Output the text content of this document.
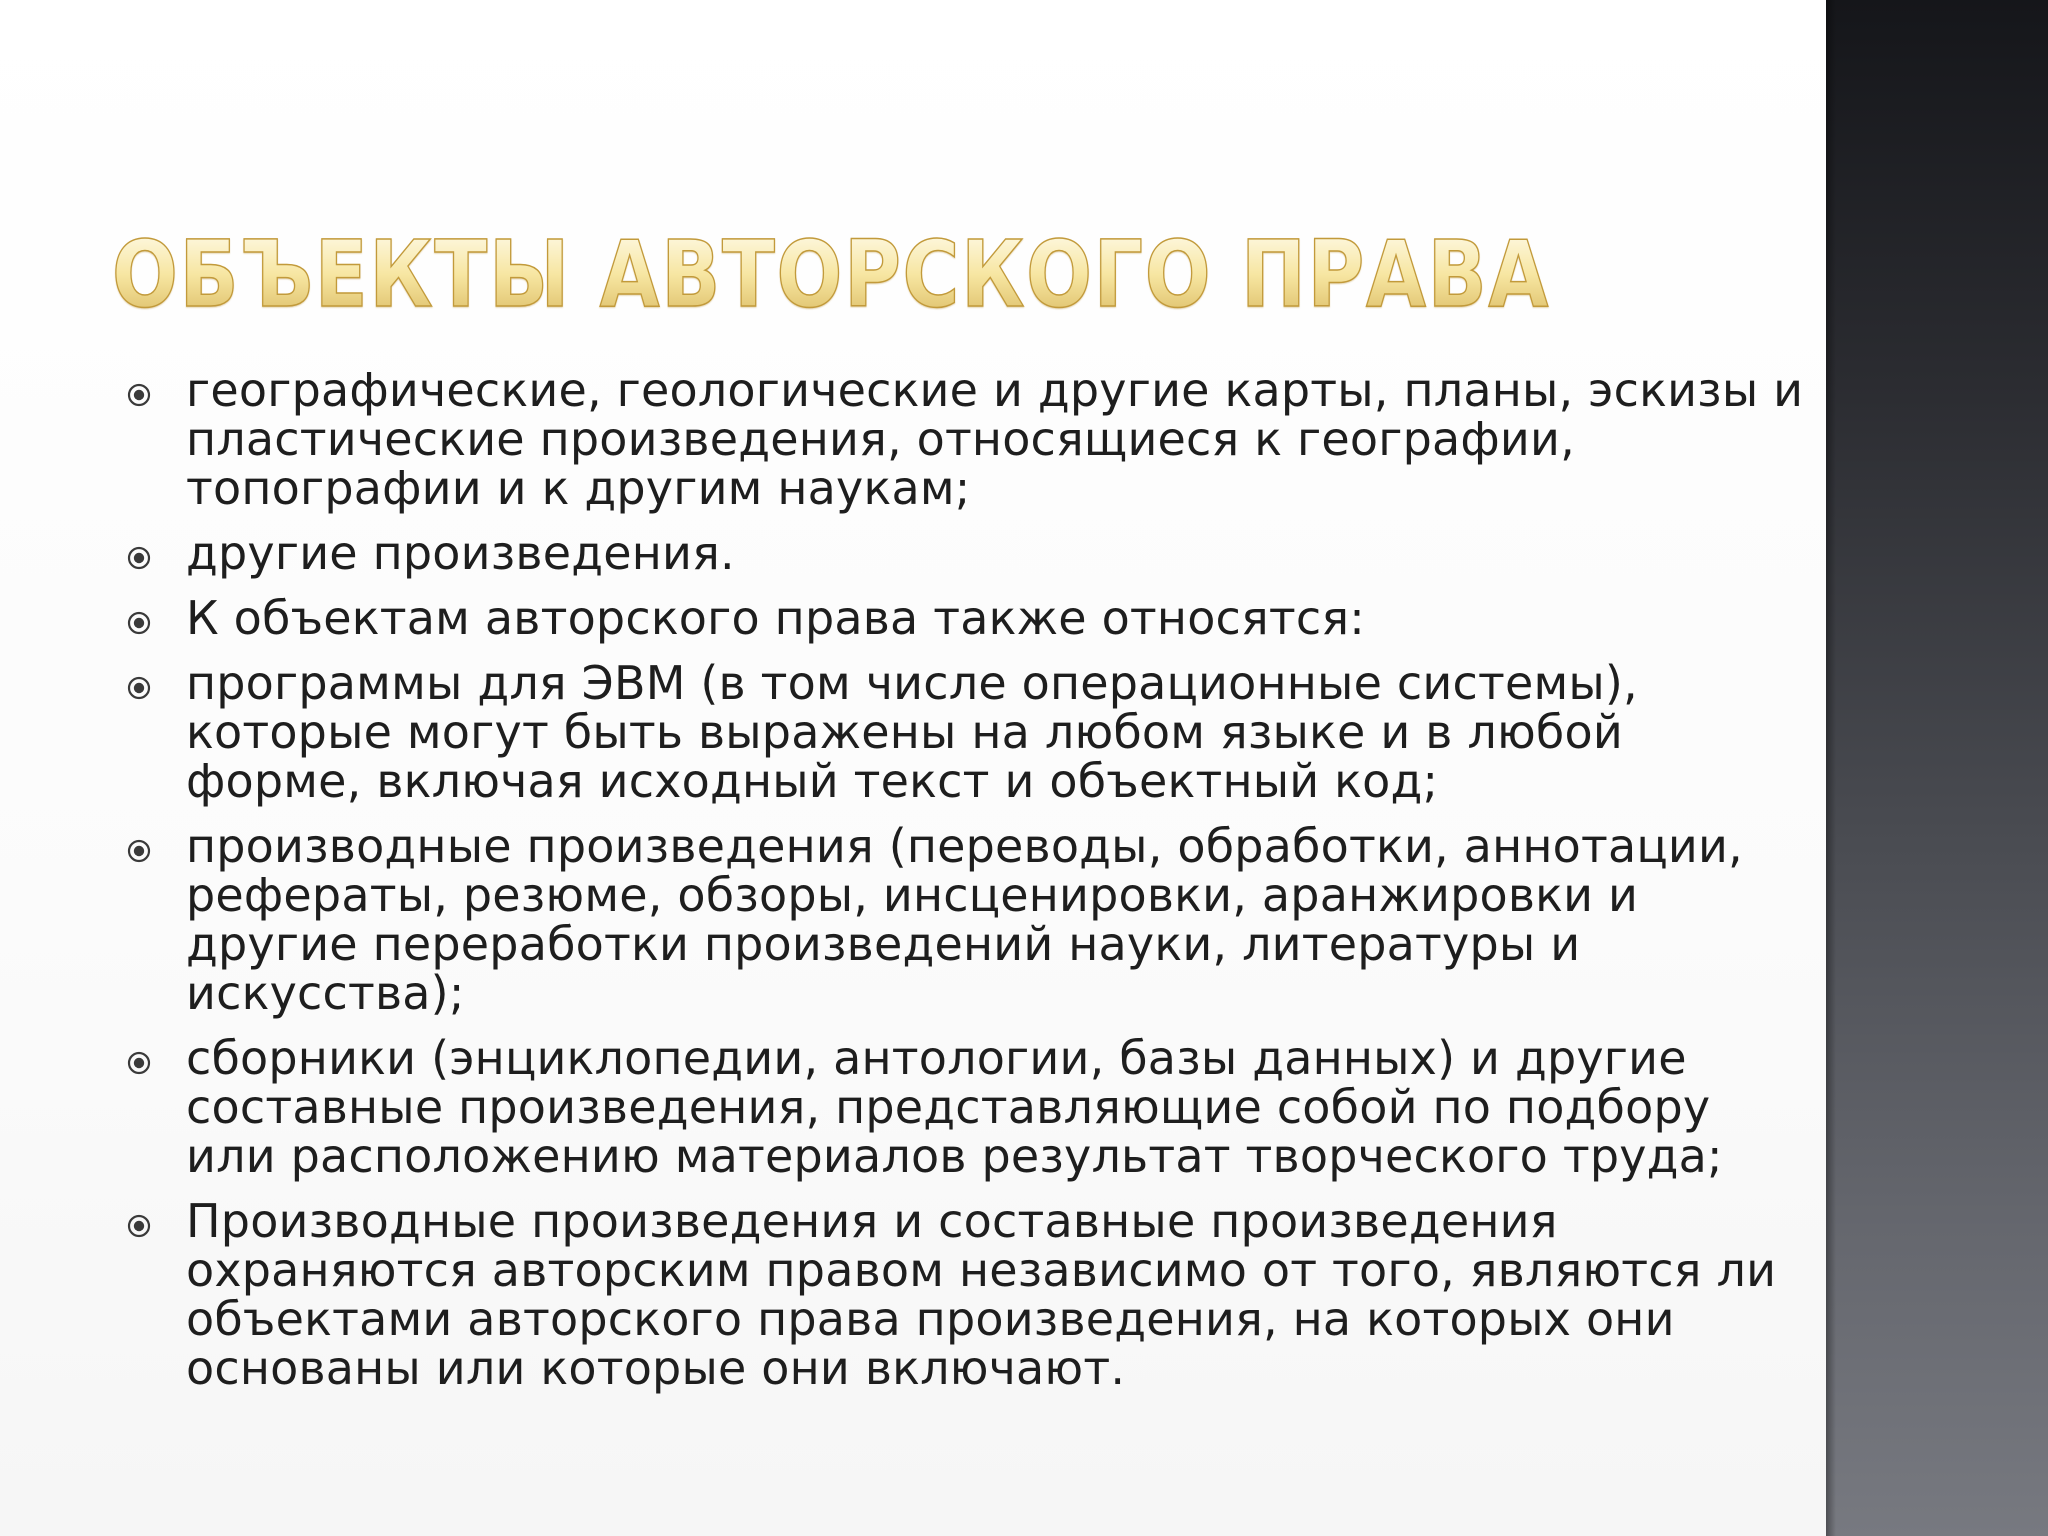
ОБЪЕКТЫ АВТОРСКОГО ПРАВА
географические, геологические и другие карты, планы, эскизы и пластические произведения, относящиеся к географии, топографии и к другим наукам;
другие произведения.
К объектам авторского права также относятся:
программы для ЭВМ (в том числе операционные системы), которые могут быть выражены на любом языке и в любой форме, включая исходный текст и объектный код;
производные произведения (переводы, обработки, аннотации, рефераты, резюме, обзоры, инсценировки, аранжировки и другие переработки произведений науки, литературы и искусства);
сборники (энциклопедии, антологии, базы данных) и другие составные произведения, представляющие собой по подбору или расположению материалов результат творческого труда;
Производные произведения и составные произведения охраняются авторским правом независимо от того, являются ли объектами авторского права произведения, на которых они основаны или которые они включают.
